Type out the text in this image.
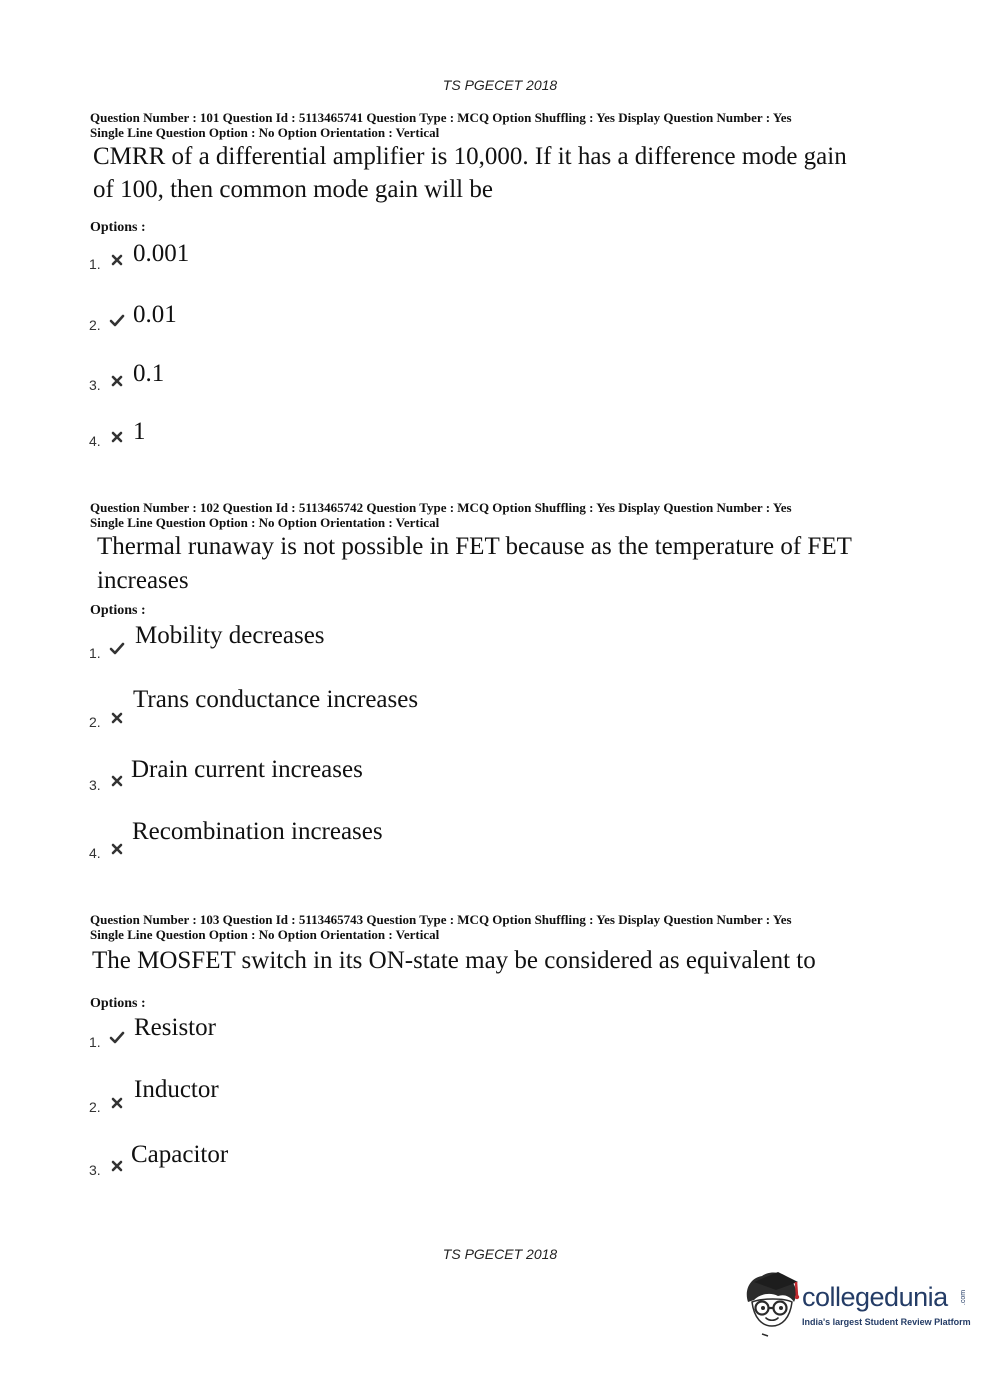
TS PGECET 2018
Question Number : 101 Question Id : 5113465741 Question Type : MCQ Option Shuffling : Yes Display Question Number : Yes
Single Line Question Option : No Option Orientation : Vertical
CMRR of a differential amplifier is 10,000. If it has a difference mode gain
of 100, then common mode gain will be
Options :
1. 0.001
2. 0.01
3. 0.1
4. 1
Question Number : 102 Question Id : 5113465742 Question Type : MCQ Option Shuffling : Yes Display Question Number : Yes
Single Line Question Option : No Option Orientation : Vertical
Thermal runaway is not possible in FET because as the temperature of FET
increases
Options :
1.
Mobility decreases
2.
Trans conductance increases
3.
Drain current increases
4.
Recombination increases
Question Number : 103 Question Id : 5113465743 Question Type : MCQ Option Shuffling : Yes Display Question Number : Yes
Single Line Question Option : No Option Orientation : Vertical
The MOSFET switch in its ON-state may be considered as equivalent to
Options :
1.
Resistor
2.
Inductor
3.
Capacitor
TS PGECET 2018
collegedunia .com
India's largest Student Review Platform
